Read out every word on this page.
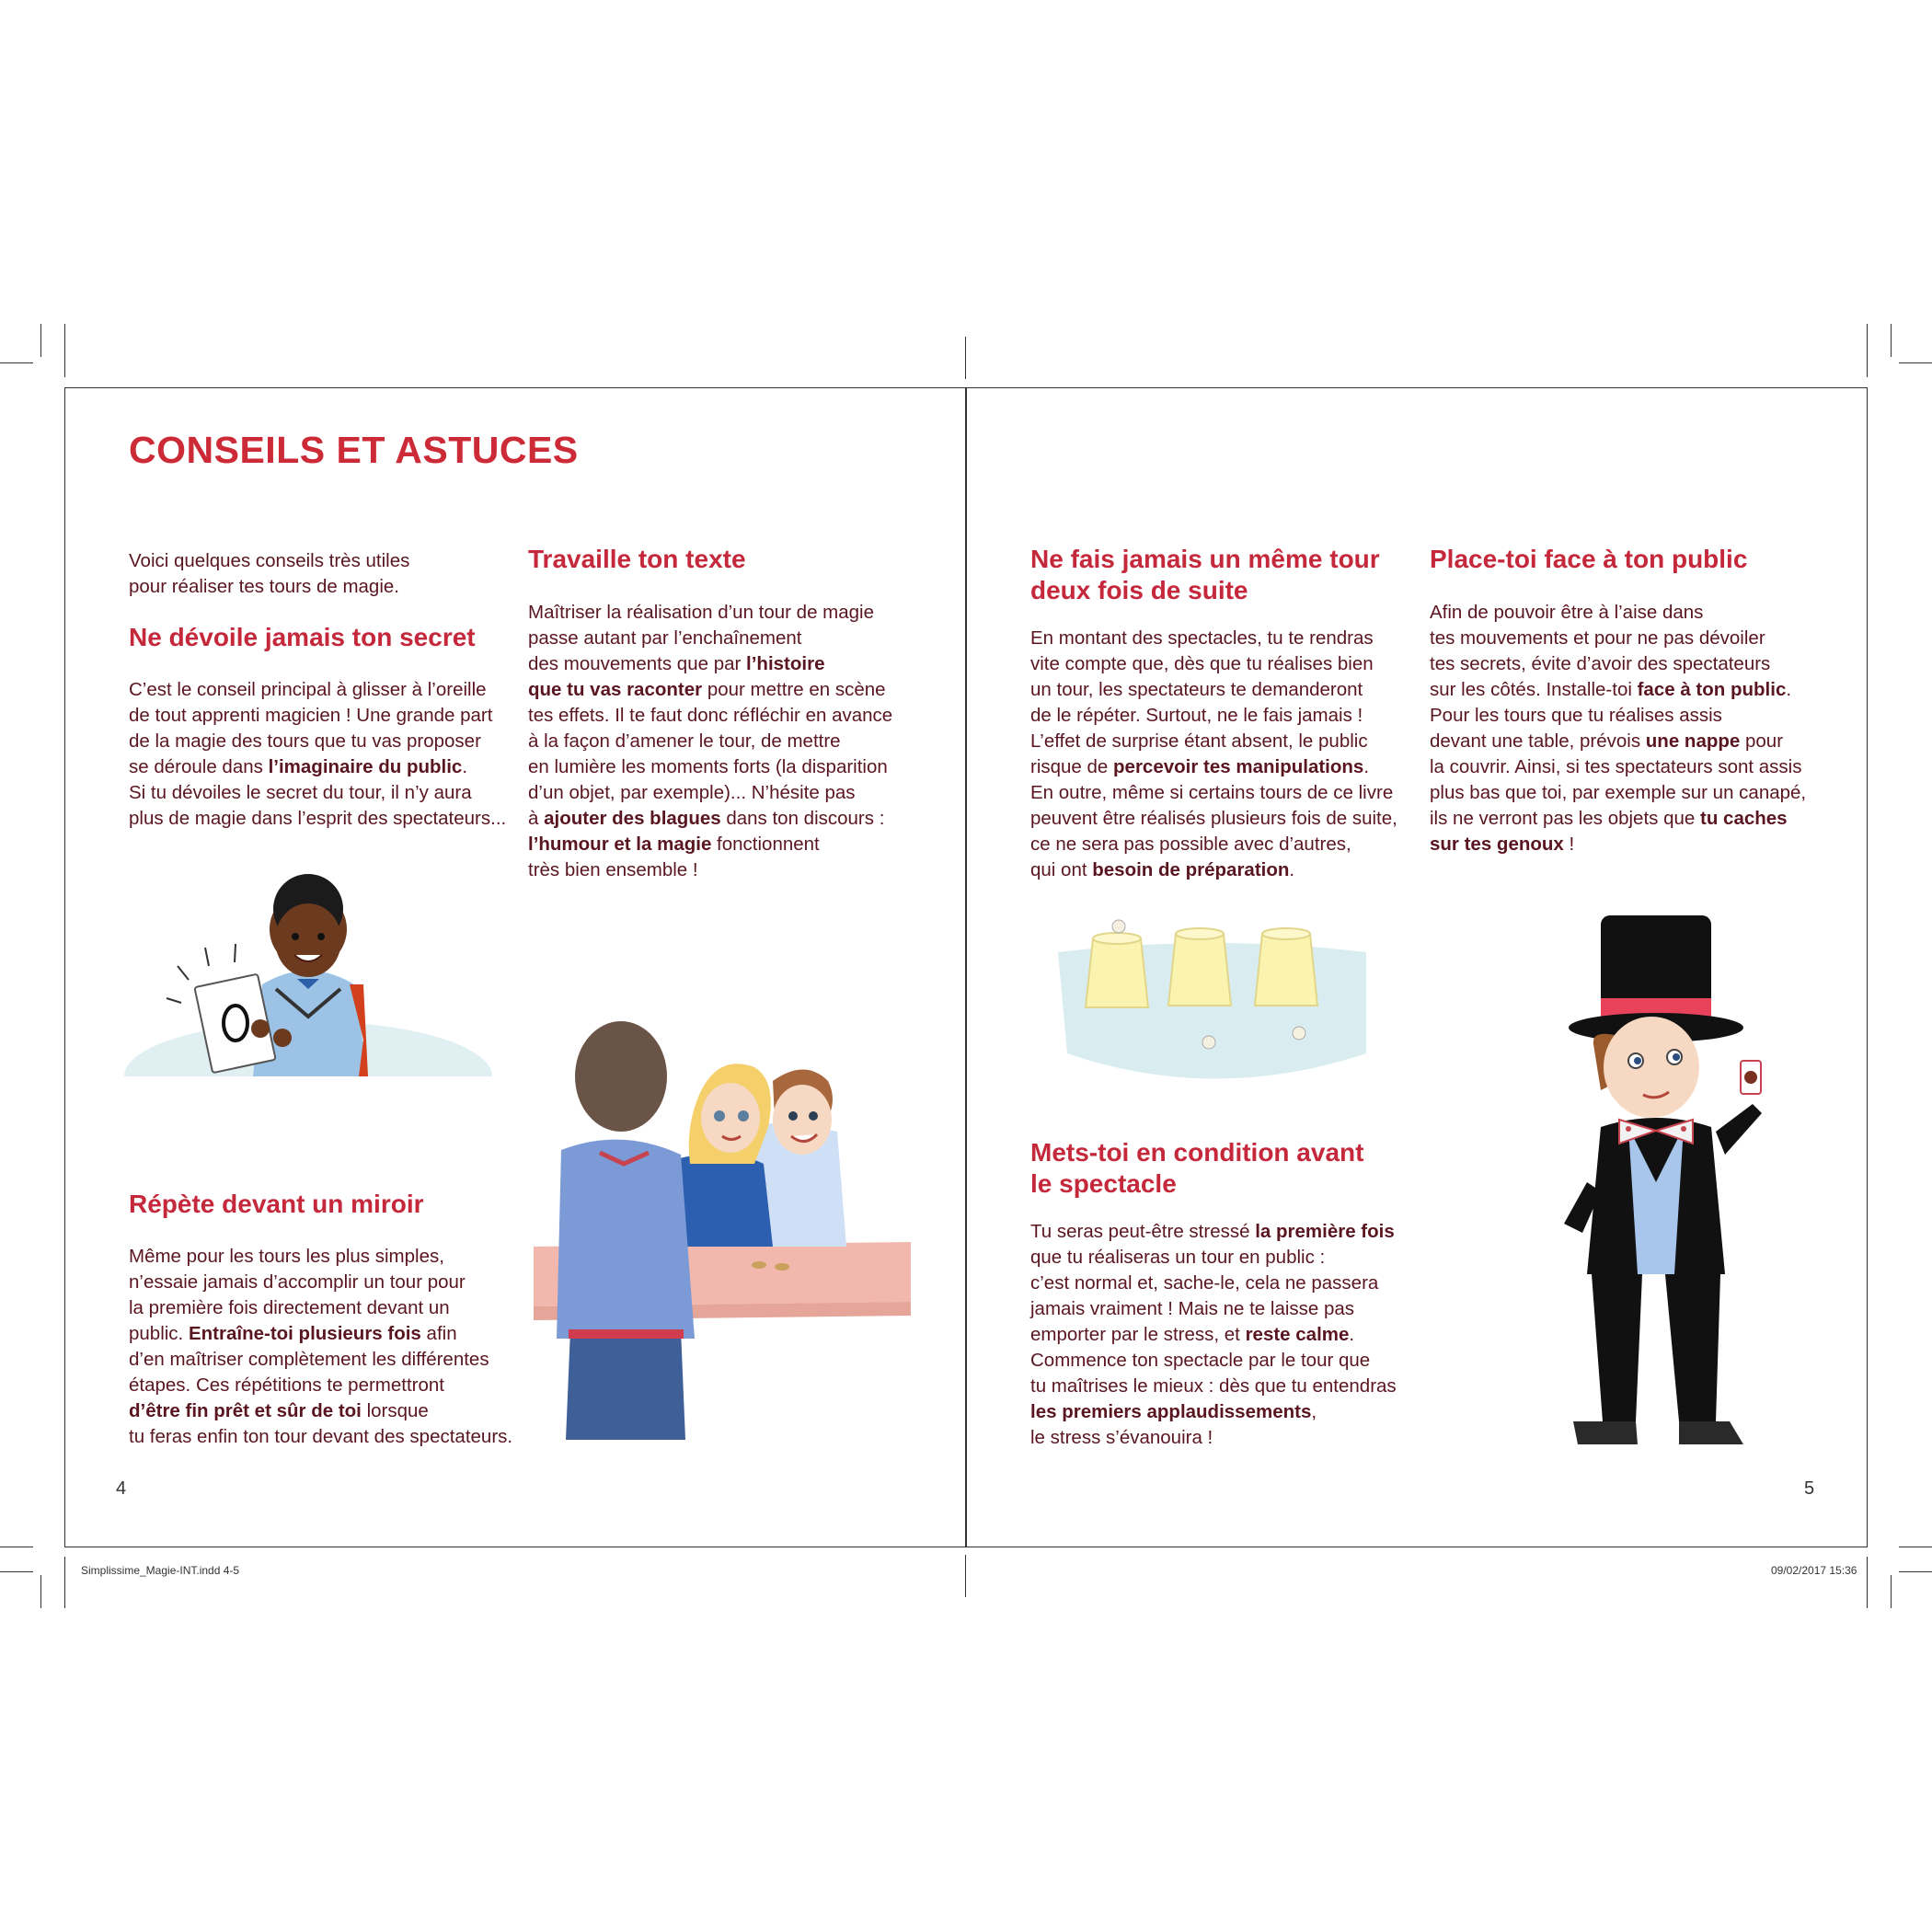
CONSEILS ET ASTUCES
Voici quelques conseils très utiles
pour réaliser tes tours de magie.
Ne dévoile jamais ton secret
C’est le conseil principal à glisser à l’oreille
de tout apprenti magicien ! Une grande part
de la magie des tours que tu vas proposer
se déroule dans l’imaginaire du public.
Si tu dévoiles le secret du tour, il n’y aura
plus de magie dans l’esprit des spectateurs...
Répète devant un miroir
Même pour les tours les plus simples,
n’essaie jamais d’accomplir un tour pour
la première fois directement devant un
public. Entraîne-toi plusieurs fois afin
d’en maîtriser complètement les différentes
étapes. Ces répétitions te permettront
d’être fin prêt et sûr de toi lorsque
tu feras enfin ton tour devant des spectateurs.
Travaille ton texte
Maîtriser la réalisation d’un tour de magie
passe autant par l’enchaînement
des mouvements que par l’histoire
que tu vas raconter pour mettre en scène
tes effets. Il te faut donc réfléchir en avance
à la façon d’amener le tour, de mettre
en lumière les moments forts (la disparition
d’un objet, par exemple)... N’hésite pas
à ajouter des blagues dans ton discours :
l’humour et la magie fonctionnent
très bien ensemble !
Ne fais jamais un même tour
deux fois de suite
En montant des spectacles, tu te rendras
vite compte que, dès que tu réalises bien
un tour, les spectateurs te demanderont
de le répéter. Surtout, ne le fais jamais !
L’effet de surprise étant absent, le public
risque de percevoir tes manipulations.
En outre, même si certains tours de ce livre
peuvent être réalisés plusieurs fois de suite,
ce ne sera pas possible avec d’autres,
qui ont besoin de préparation.
Mets-toi en condition avant
le spectacle
Tu seras peut-être stressé la première fois
que tu réaliseras un tour en public :
c’est normal et, sache-le, cela ne passera
jamais vraiment ! Mais ne te laisse pas
emporter par le stress, et reste calme.
Commence ton spectacle par le tour que
tu maîtrises le mieux : dès que tu entendras
les premiers applaudissements,
le stress s’évanouira !
Place-toi face à ton public
Afin de pouvoir être à l’aise dans
tes mouvements et pour ne pas dévoiler
tes secrets, évite d’avoir des spectateurs
sur les côtés. Installe-toi face à ton public.
Pour les tours que tu réalises assis
devant une table, prévois une nappe pour
la couvrir. Ainsi, si tes spectateurs sont assis
plus bas que toi, par exemple sur un canapé,
ils ne verront pas les objets que tu caches
sur tes genoux !
4	5
Simplissime_Magie-INT.indd 4-5	09/02/2017 15:36
